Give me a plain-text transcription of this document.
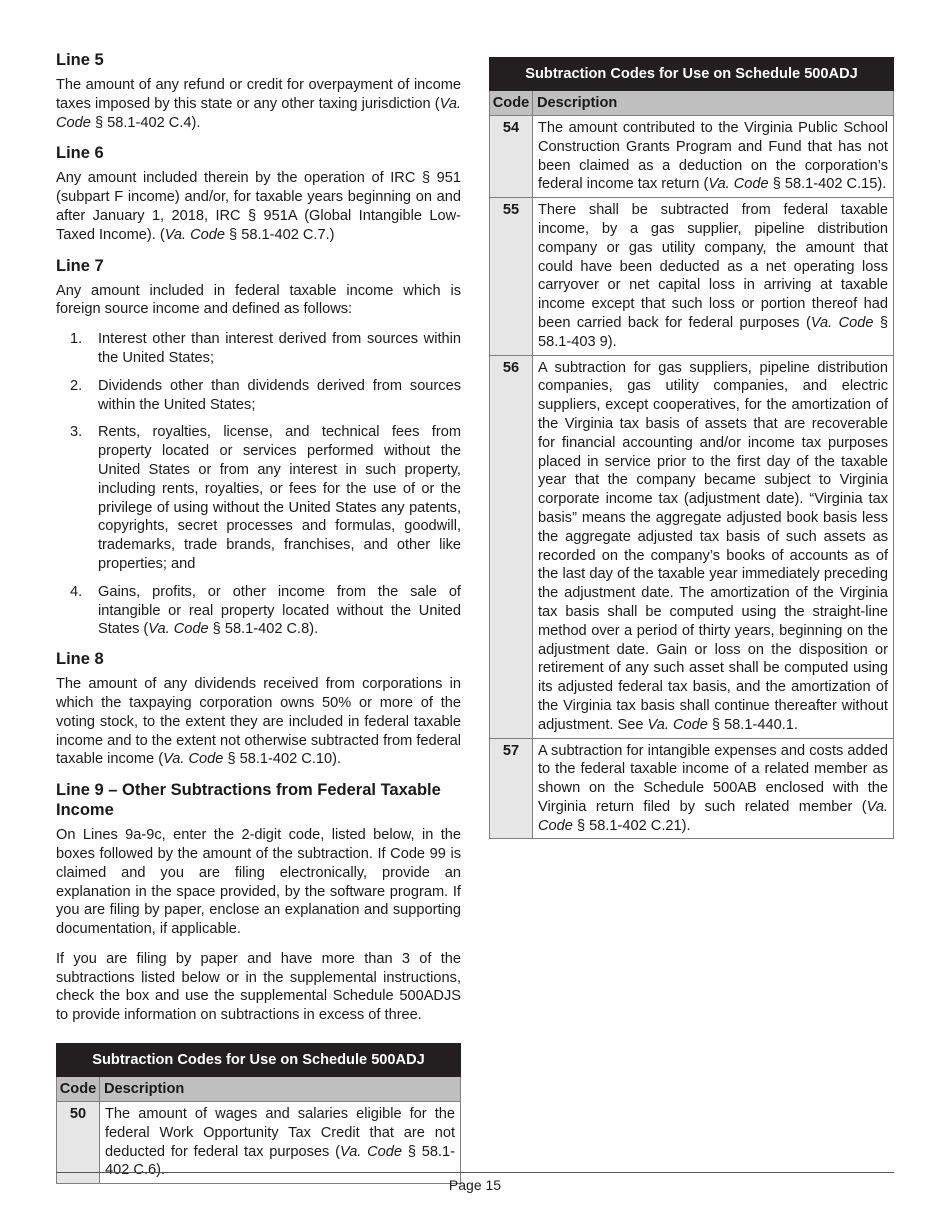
Line 5

The amount of any refund or credit for overpayment of income taxes imposed by this state or any other taxing jurisdiction (Va. Code § 58.1-402 C.4).

Line 6

Any amount included therein by the operation of IRC § 951 (subpart F income) and/or, for taxable years beginning on and after January 1, 2018, IRC § 951A (Global Intangible Low-Taxed Income). (Va. Code § 58.1-402 C.7.)

Line 7

Any amount included in federal taxable income which is foreign source income and defined as follows:

1.	Interest other than interest derived from sources within the United States;
2.	Dividends other than dividends derived from sources within the United States;
3.	Rents, royalties, license, and technical fees from property located or services performed without the United States or from any interest in such property, including rents, royalties, or fees for the use of or the privilege of using without the United States any patents, copyrights, secret processes and formulas, goodwill, trademarks, trade brands, franchises, and other like properties; and
4.	Gains, profits, or other income from the sale of intangible or real property located without the United States (Va. Code § 58.1-402 C.8).
Line 8

The amount of any dividends received from corporations in which the taxpaying corporation owns 50% or more of the voting stock, to the extent they are included in federal taxable income and to the extent not otherwise subtracted from federal taxable income (Va. Code § 58.1-402 C.10).

Line 9 – Other Subtractions from Federal Taxable Income

On Lines 9a-9c, enter the 2-digit code, listed below, in the boxes followed by the amount of the subtraction. If Code 99 is claimed and you are filing electronically, provide an explanation in the space provided, by the software program. If you are filing by paper, enclose an explanation and supporting documentation, if applicable.

If you are filing by paper and have more than 3 of the subtractions listed below or in the supplemental instructions, check the box and use the supplemental Schedule 500ADJS to provide information on subtractions in excess of three.

Subtraction Codes for Use on Schedule 500ADJ	
Code	Description
50	The amount of wages and salaries eligible for the federal Work Opportunity Tax Credit that are not deducted for federal tax purposes (Va. Code § 58.1-402 C.6).
Subtraction Codes for Use on Schedule 500ADJ	
Code	Description
54	The amount contributed to the Virginia Public School Construction Grants Program and Fund that has not been claimed as a deduction on the corporation’s federal income tax return (Va. Code § 58.1-402 C.15).
55	There shall be subtracted from federal taxable income, by a gas supplier, pipeline distribution company or gas utility company, the amount that could have been deducted as a net operating loss carryover or net capital loss in arriving at taxable income except that such loss or portion thereof had been carried back for federal purposes (Va. Code § 58.1-403 9).
56	A subtraction for gas suppliers, pipeline distribution companies, gas utility companies, and electric suppliers, except cooperatives, for the amortization of the Virginia tax basis of assets that are recoverable for financial accounting and/or income tax purposes placed in service prior to the first day of the taxable year that the company became subject to Virginia corporate income tax (adjustment date). “Virginia tax basis” means the aggregate adjusted book basis less the aggregate adjusted tax basis of such assets as recorded on the company’s books of accounts as of the last day of the taxable year immediately preceding the adjustment date. The amortization of the Virginia tax basis shall be computed using the straight-line method over a period of thirty years, beginning on the adjustment date. Gain or loss on the disposition or retirement of any such asset shall be computed using its adjusted federal tax basis, and the amortization of the Virginia tax basis shall continue thereafter without adjustment. See Va. Code § 58.1-440.1.
57	A subtraction for intangible expenses and costs added to the federal taxable income of a related member as shown on the Schedule 500AB enclosed with the Virginia return filed by such related member (Va. Code § 58.1-402 C.21).
Page 15
